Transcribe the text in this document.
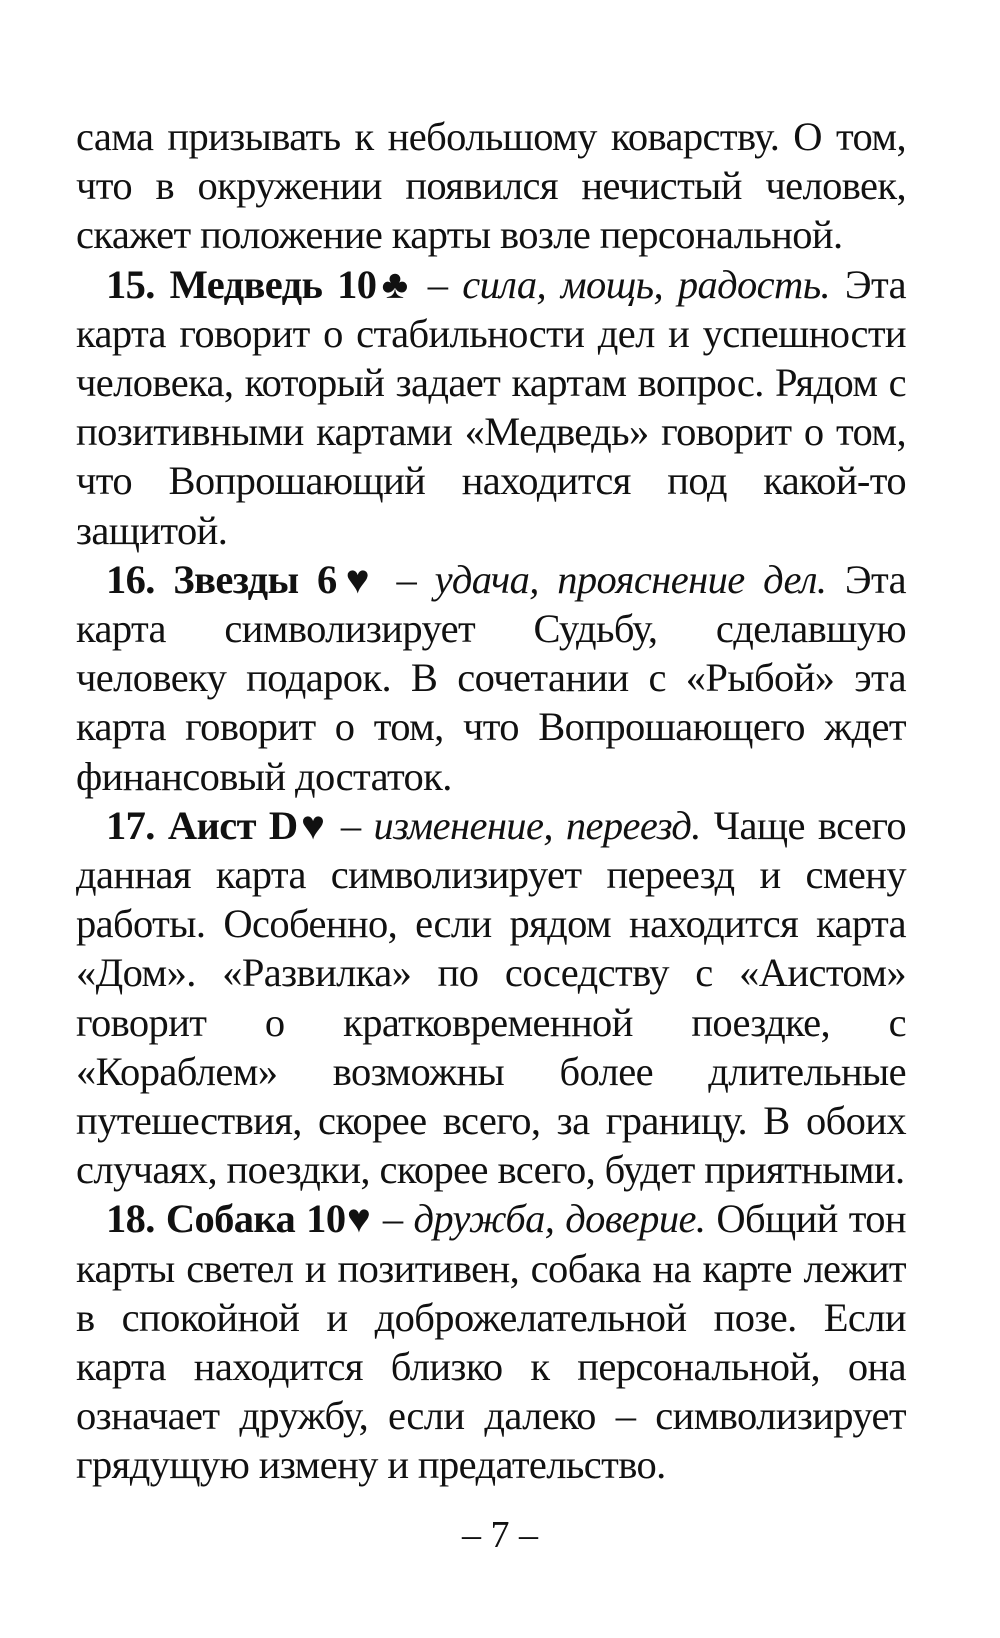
сама призывать к небольшому коварству. О том, что в окружении появился нечистый человек, скажет положение карты возле персональной.

15. Медведь 10♣ – сила, мощь, радость. Эта карта говорит о стабильности дел и успешности человека, который задает картам вопрос. Рядом с позитивными картами «Медведь» говорит о том, что Вопрошающий находится под какой-то защитой.

16. Звезды 6♥ – удача, прояснение дел. Эта карта символизирует Судьбу, сделавшую человеку подарок. В сочетании с «Рыбой» эта карта говорит о том, что Вопрошающего ждет финансовый достаток.

17. Аист D♥ – изменение, переезд. Чаще всего данная карта символизирует переезд и смену работы. Особенно, если рядом находится карта «Дом». «Развилка» по соседству с «Аистом» говорит о кратковременной поездке, с «Кораблем» возможны более длительные путешествия, скорее всего, за границу. В обоих случаях, поездки, скорее всего, будет приятными.

18. Собака 10♥ – дружба, доверие. Общий тон карты светел и позитивен, собака на карте лежит в спокойной и доброжелательной позе. Если карта находится близко к персональной, она означает дружбу, если далеко – символизирует грядущую измену и предательство.

– 7 –
